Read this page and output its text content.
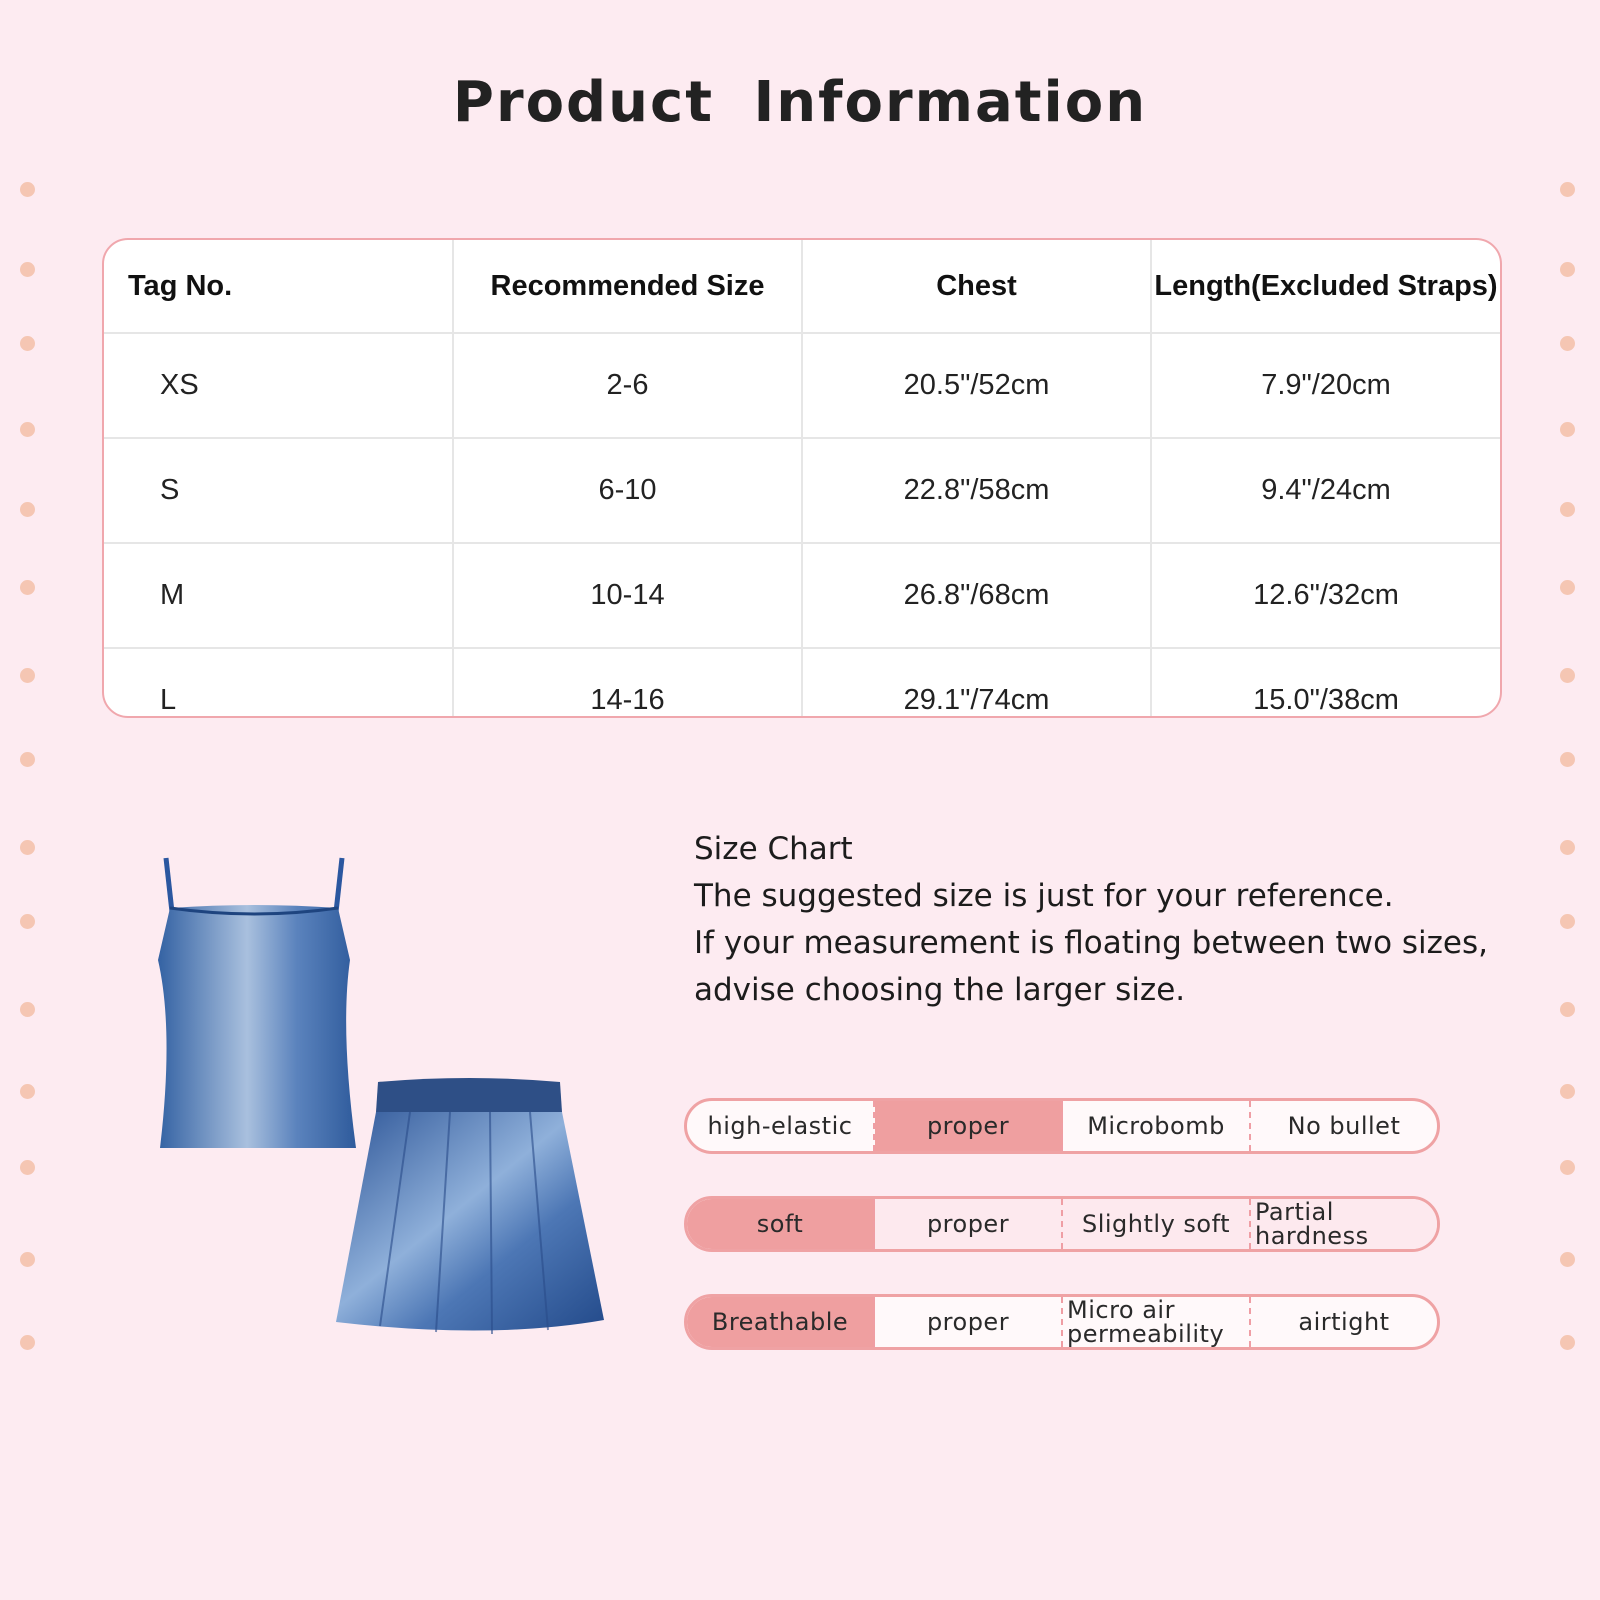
Product Information
Tag No.	Recommended Size	Chest	Length(Excluded Straps)
XS	2-6	20.5"/52cm	7.9"/20cm
S	6-10	22.8"/58cm	9.4"/24cm
M	10-14	26.8"/68cm	12.6"/32cm
L	14-16	29.1"/74cm	15.0"/38cm
Size Chart
The suggested size is just for your reference.
If your measurement is floating between two sizes,
advise choosing the larger size.
high-elastic	proper	Microbomb	No bullet
soft	proper	Slightly soft	Partial hardness
Breathable	proper	Micro air permeability	airtight
